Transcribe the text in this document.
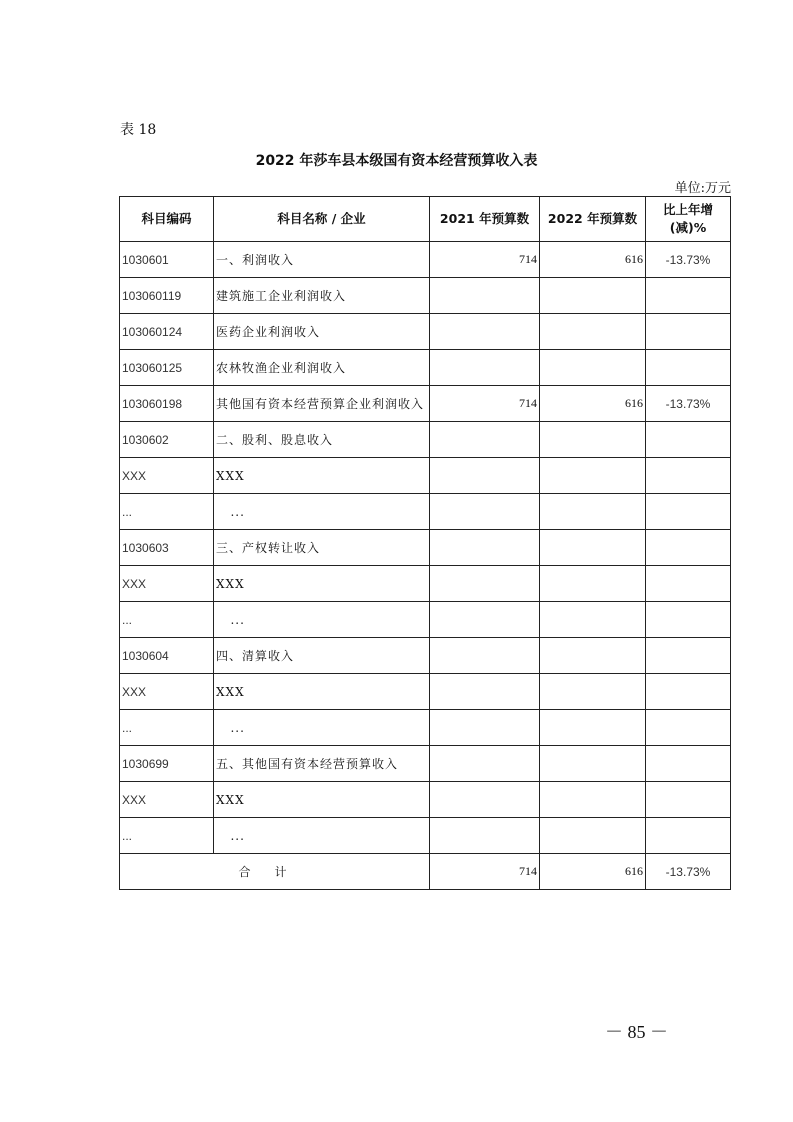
表 18
2022 年莎车县本级国有资本经营预算收入表
单位:万元
科目编码	科目名称 / 企业	2021 年预算数	2022 年预算数	比上年增(减)%
1030601	一、利润收入	714	616	-13.73%
103060119	建筑施工企业利润收入			
103060124	医药企业利润收入			
103060125	农林牧渔企业利润收入			
103060198	其他国有资本经营预算企业利润收入	714	616	-13.73%
1030602	二、股利、股息收入			
XXX	XXX			
...	...			
1030603	三、产权转让收入			
XXX	XXX			
...	...			
1030604	四、清算收入			
XXX	XXX			
...	...			
1030699	五、其他国有资本经营预算收入			
XXX	XXX			
...	...			
合计		714	616	-13.73%
－ 85 －
